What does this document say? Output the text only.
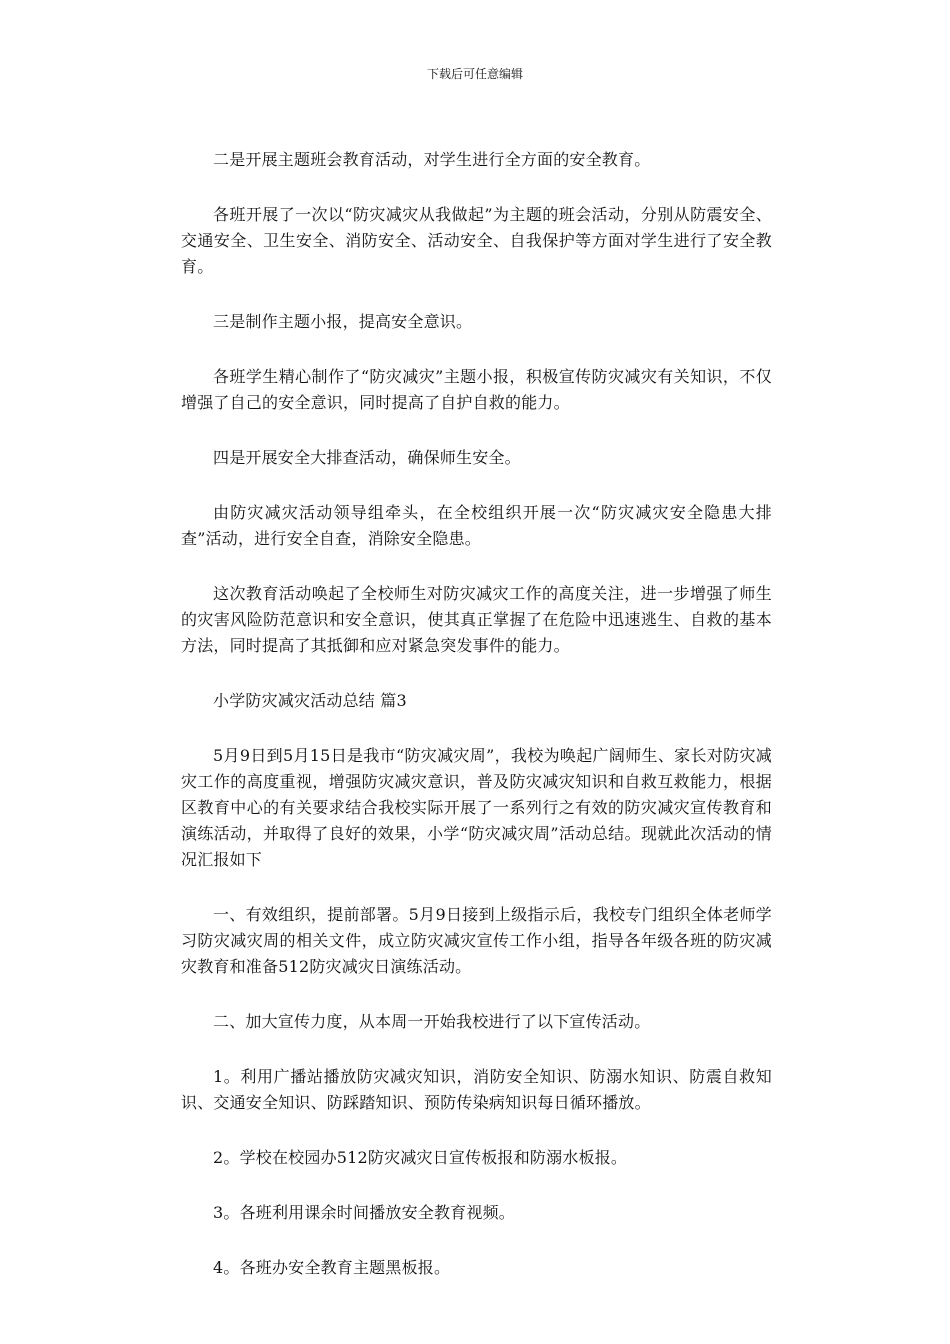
下载后可任意编辑

二是开展主题班会教育活动，对学生进行全方面的安全教育。

各班开展了一次以“防灾减灾从我做起”为主题的班会活动，分别从防震安全、交通安全、卫生安全、消防安全、活动安全、自我保护等方面对学生进行了安全教育。

三是制作主题小报，提高安全意识。

各班学生精心制作了“防灾减灾”主题小报，积极宣传防灾减灾有关知识，不仅增强了自己的安全意识，同时提高了自护自救的能力。

四是开展安全大排查活动，确保师生安全。

由防灾减灾活动领导组牵头，在全校组织开展一次“防灾减灾安全隐患大排查”活动，进行安全自查，消除安全隐患。

这次教育活动唤起了全校师生对防灾减灾工作的高度关注，进一步增强了师生的灾害风险防范意识和安全意识，使其真正掌握了在危险中迅速逃生、自救的基本方法，同时提高了其抵御和应对紧急突发事件的能力。

小学防灾减灾活动总结 篇3

5月9日到5月15日是我市“防灾减灾周”，我校为唤起广阔师生、家长对防灾减灾工作的高度重视，增强防灾减灾意识，普及防灾减灾知识和自救互救能力，根据区教育中心的有关要求结合我校实际开展了一系列行之有效的防灾减灾宣传教育和演练活动，并取得了良好的效果，小学“防灾减灾周”活动总结。现就此次活动的情况汇报如下

一、有效组织，提前部署。5月9日接到上级指示后，我校专门组织全体老师学习防灾减灾周的相关文件，成立防灾减灾宣传工作小组，指导各年级各班的防灾减灾教育和准备512防灾减灾日演练活动。

二、加大宣传力度，从本周一开始我校进行了以下宣传活动。

1。利用广播站播放防灾减灾知识，消防安全知识、防溺水知识、防震自救知识、交通安全知识、防踩踏知识、预防传染病知识每日循环播放。

2。学校在校园办512防灾减灾日宣传板报和防溺水板报。

3。各班利用课余时间播放安全教育视频。

4。各班办安全教育主题黑板报。
